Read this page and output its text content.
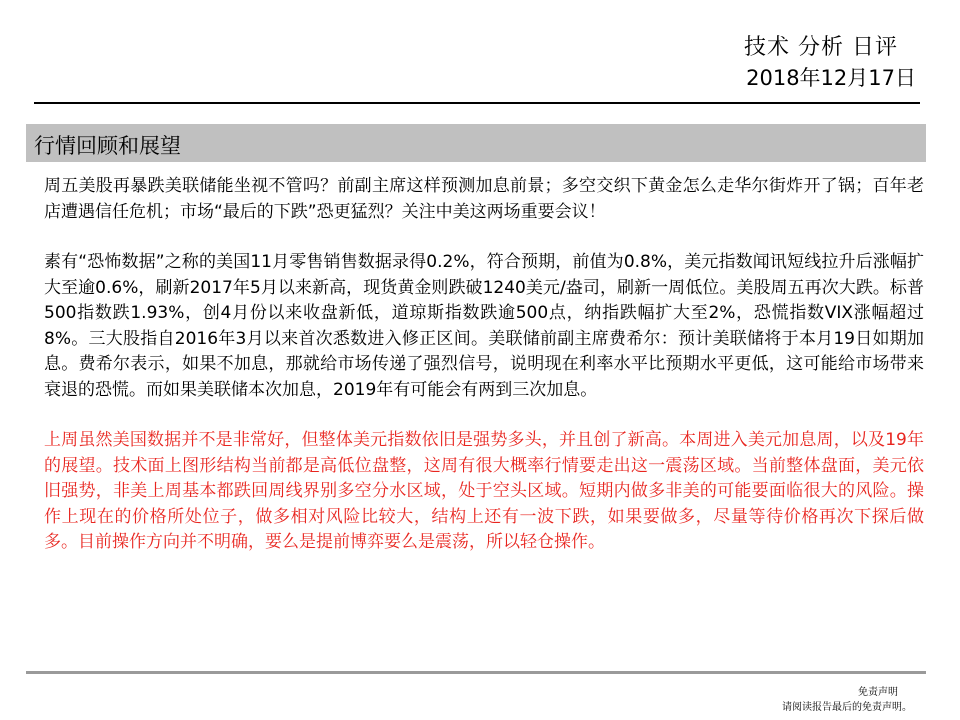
技术 分析 日评
2018年12月17日
行情回顾和展望

周五美股再暴跌美联储能坐视不管吗？前副主席这样预测加息前景；多空交织下黄金怎么走华尔街炸开了锅；百年老店遭遇信任危机；市场“最后的下跌”恐更猛烈？关注中美这两场重要会议！

素有“恐怖数据”之称的美国11月零售销售数据录得0.2%，符合预期，前值为0.8%，美元指数闻讯短线拉升后涨幅扩大至逾0.6%，刷新2017年5月以来新高，现货黄金则跌破1240美元/盎司，刷新一周低位。美股周五再次大跌。标普500指数跌1.93%，创4月份以来收盘新低，道琼斯指数跌逾500点，纳指跌幅扩大至2%，恐慌指数VIX涨幅超过8%。三大股指自2016年3月以来首次悉数进入修正区间。美联储前副主席费希尔：预计美联储将于本月19日如期加息。费希尔表示，如果不加息，那就给市场传递了强烈信号，说明现在利率水平比预期水平更低，这可能给市场带来衰退的恐慌。而如果美联储本次加息，2019年有可能会有两到三次加息。

上周虽然美国数据并不是非常好，但整体美元指数依旧是强势多头，并且创了新高。本周进入美元加息周，以及19年的展望。技术面上图形结构当前都是高低位盘整，这周有很大概率行情要走出这一震荡区域。当前整体盘面，美元依旧强势，非美上周基本都跌回周线界别多空分水区域，处于空头区域。短期内做多非美的可能要面临很大的风险。操作上现在的价格所处位子，做多相对风险比较大，结构上还有一波下跌，如果要做多，尽量等待价格再次下探后做多。目前操作方向并不明确，要么是提前博弈要么是震荡，所以轻仓操作。

免责声明
请阅读报告最后的免责声明。
